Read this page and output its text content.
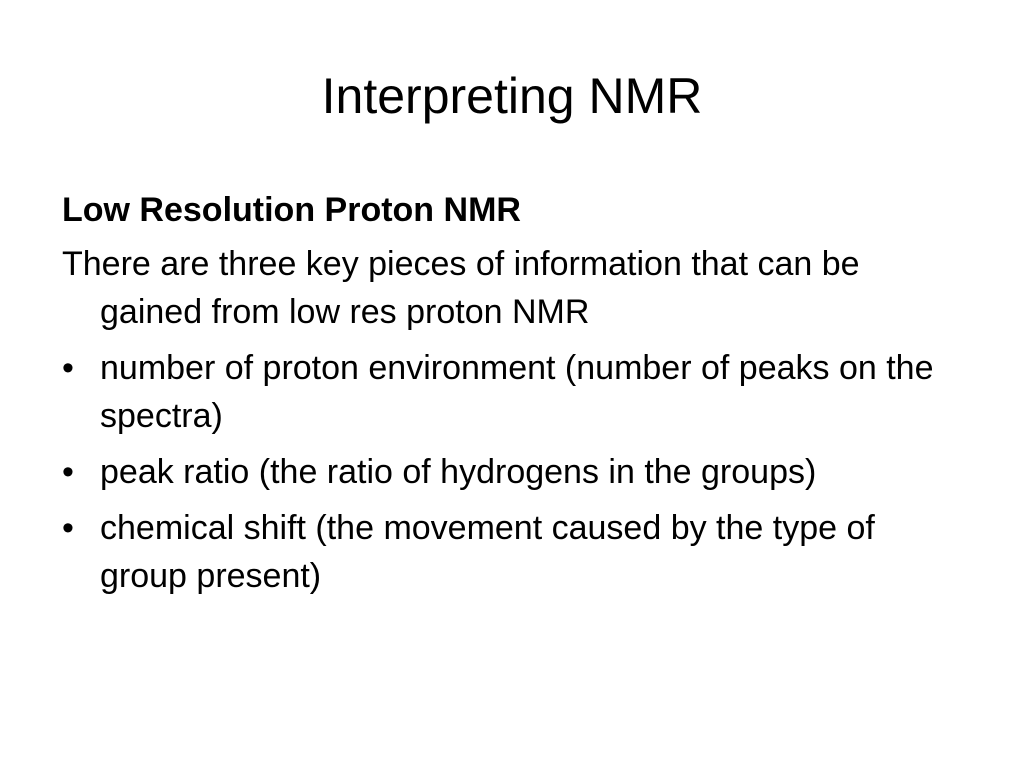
Interpreting NMR
Low Resolution Proton NMR
There are three key pieces of information that can be gained from low res proton NMR
• number of proton environment (number of peaks on the spectra)
• peak ratio (the ratio of hydrogens in the groups)
• chemical shift (the movement caused by the type of group present)
